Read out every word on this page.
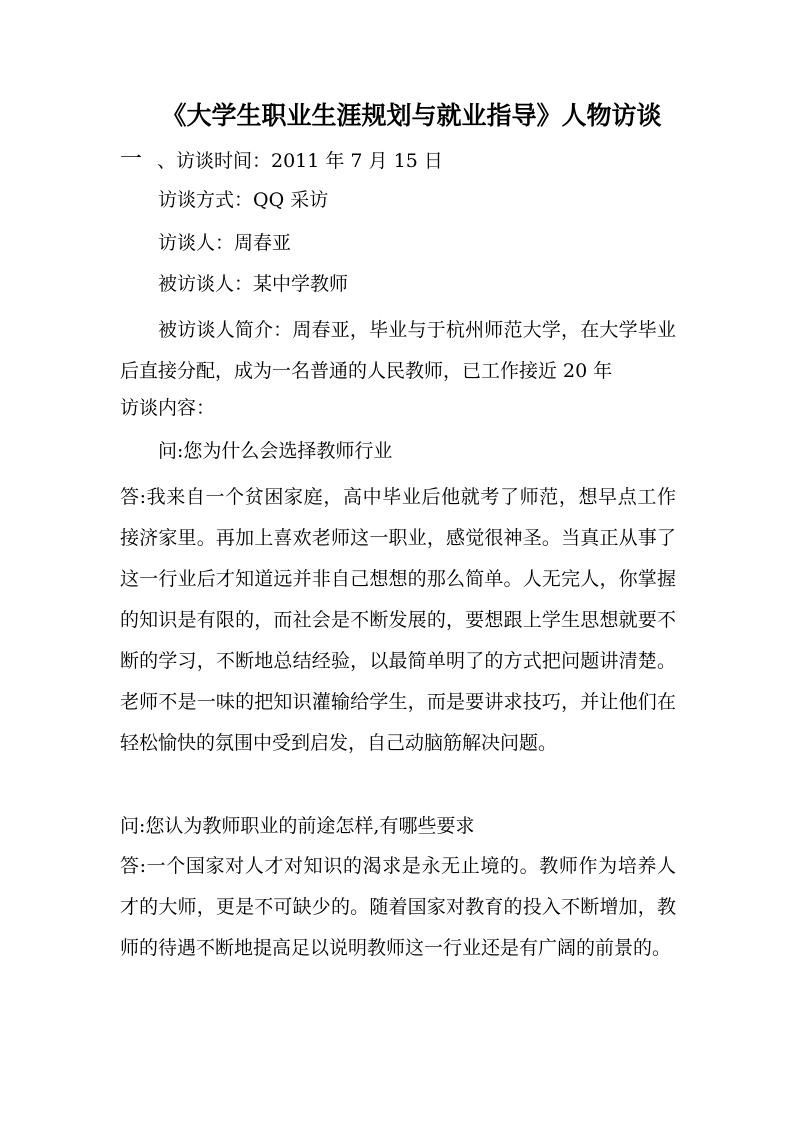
《大学生职业生涯规划与就业指导》人物访谈
一 、访谈时间：2011 年 7 月 15 日
访谈方式：QQ 采访
访谈人：周春亚
被访谈人：某中学教师
被访谈人简介：周春亚，毕业与于杭州师范大学，在大学毕业后直接分配，成为一名普通的人民教师，已工作接近 20 年
访谈内容：
问:您为什么会选择教师行业
答:我来自一个贫困家庭，高中毕业后他就考了师范，想早点工作接济家里。再加上喜欢老师这一职业，感觉很神圣。当真正从事了这一行业后才知道远并非自己想想的那么简单。人无完人，你掌握的知识是有限的，而社会是不断发展的，要想跟上学生思想就要不断的学习，不断地总结经验，以最简单明了的方式把问题讲清楚。老师不是一味的把知识灌输给学生，而是要讲求技巧，并让他们在轻松愉快的氛围中受到启发，自己动脑筋解决问题。
问:您认为教师职业的前途怎样,有哪些要求
答:一个国家对人才对知识的渴求是永无止境的。教师作为培养人才的大师，更是不可缺少的。随着国家对教育的投入不断增加，教师的待遇不断地提高足以说明教师这一行业还是有广阔的前景的。
